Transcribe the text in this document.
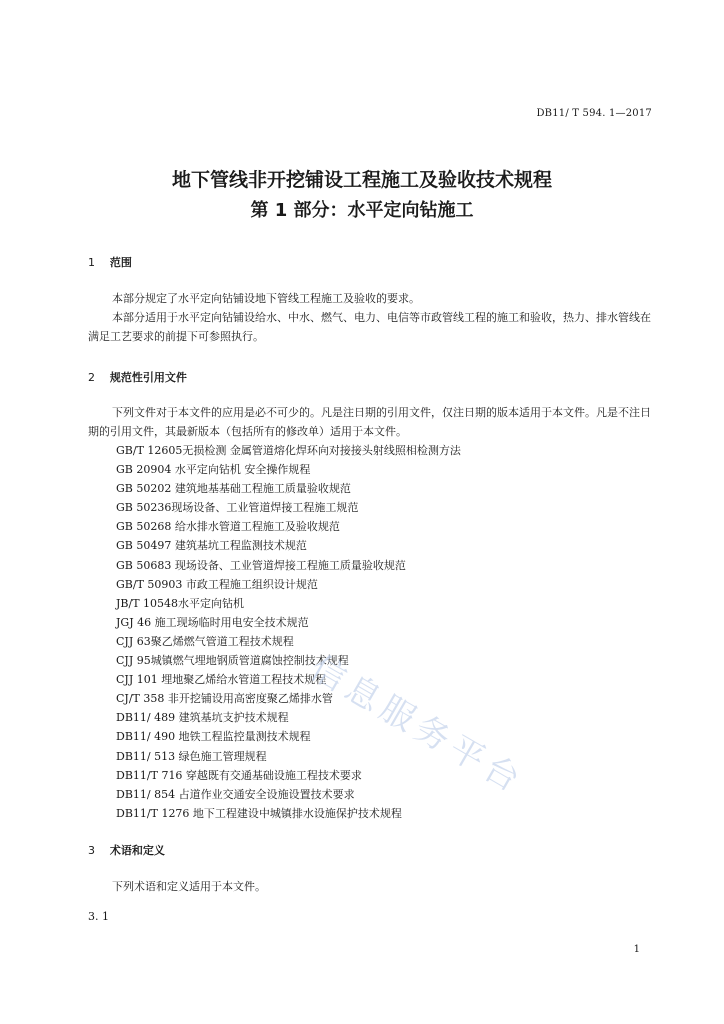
DB11/ T 594. 1—2017
地下管线非开挖铺设工程施工及验收技术规程
第 1 部分：水平定向钻施工
1 范围
本部分规定了水平定向钻铺设地下管线工程施工及验收的要求。
本部分适用于水平定向钻铺设给水、中水、燃气、电力、电信等市政管线工程的施工和验收，热力、排水管线在满足工艺要求的前提下可参照执行。
2 规范性引用文件
下列文件对于本文件的应用是必不可少的。凡是注日期的引用文件，仅注日期的版本适用于本文件。凡是不注日期的引用文件，其最新版本（包括所有的修改单）适用于本文件。
GB/T 12605无损检测 金属管道熔化焊环向对接接头射线照相检测方法
GB 20904 水平定向钻机 安全操作规程
GB 50202 建筑地基基础工程施工质量验收规范
GB 50236现场设备、工业管道焊接工程施工规范
GB 50268 给水排水管道工程施工及验收规范
GB 50497 建筑基坑工程监测技术规范
GB 50683 现场设备、工业管道焊接工程施工质量验收规范
GB/T 50903 市政工程施工组织设计规范
JB/T 10548水平定向钻机
JGJ 46 施工现场临时用电安全技术规范
CJJ 63聚乙烯燃气管道工程技术规程
CJJ 95城镇燃气埋地钢质管道腐蚀控制技术规程
CJJ 101 埋地聚乙烯给水管道工程技术规程
CJ/T 358 非开挖铺设用高密度聚乙烯排水管
DB11/ 489 建筑基坑支护技术规程
DB11/ 490 地铁工程监控量测技术规程
DB11/ 513 绿色施工管理规程
DB11/T 716 穿越既有交通基础设施工程技术要求
DB11/ 854 占道作业交通安全设施设置技术要求
DB11/T 1276 地下工程建设中城镇排水设施保护技术规程
3 术语和定义
下列术语和定义适用于本文件。
3. 1
1
信息服务平台
